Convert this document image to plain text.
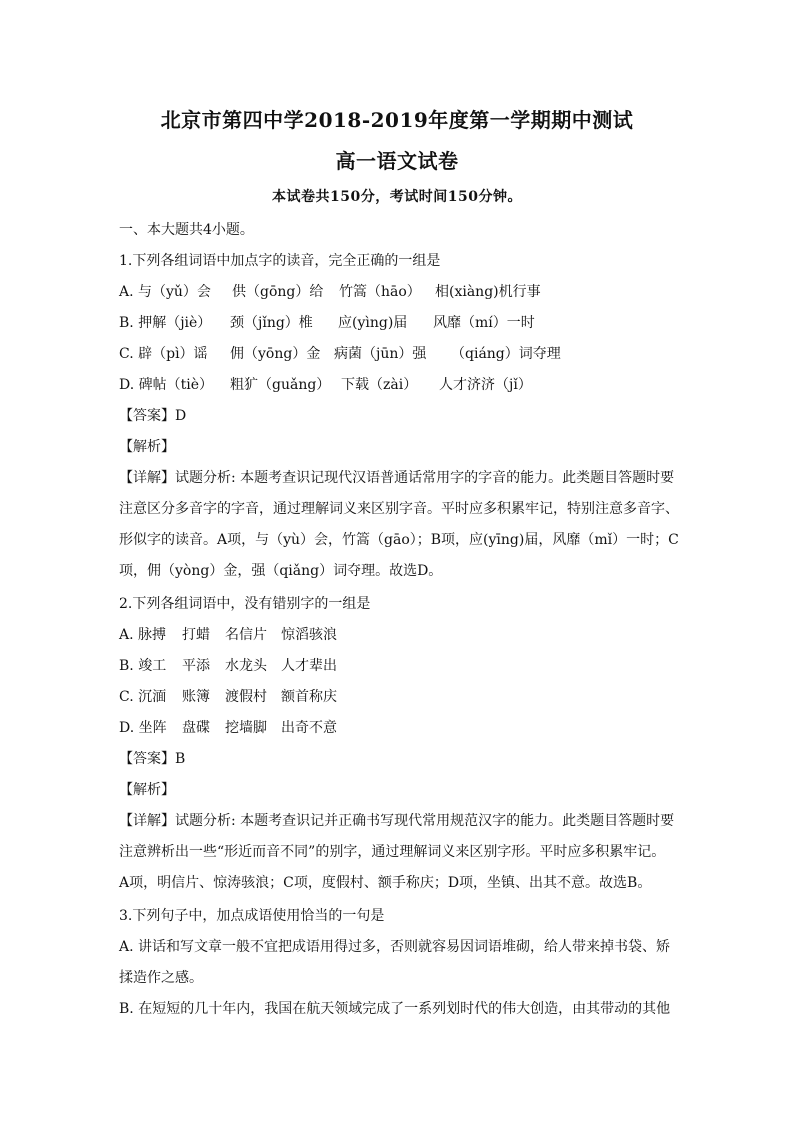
北京市第四中学2018-2019年度第一学期期中测试
高一语文试卷
本试卷共150分，考试时间150分钟。
一、本大题共4小题。
1.下列各组词语中加点字的读音，完全正确的一组是
A. 与（yǔ）会 供（gōng）给 竹篙（hāo） 相(xiàng)机行事
B. 押解（jiè） 颈（jǐng）椎 应(yìng)届 风靡（mí）一时
C. 辟（pì）谣 佣（yōng）金 病菌（jūn）强 （qiáng）词夺理
D. 碑帖（tiè） 粗犷（guǎng） 下载（zài） 人才济济（jǐ）
【答案】D
【解析】
【详解】试题分析: 本题考查识记现代汉语普通话常用字的字音的能力。此类题目答题时要
注意区分多音字的字音，通过理解词义来区别字音。平时应多积累牢记，特别注意多音字、
形似字的读音。A项，与（yù）会，竹篙（gāo）；B项，应(yīng)届，风靡（mǐ）一时；C
项，佣（yòng）金，强（qiǎng）词夺理。故选D。
2.下列各组词语中，没有错别字的一组是
A. 脉搏 打蜡 名信片 惊滔骇浪
B. 竣工 平添 水龙头 人才辈出
C. 沉湎 账簿 渡假村 额首称庆
D. 坐阵 盘碟 挖墙脚 出奇不意
【答案】B
【解析】
【详解】试题分析: 本题考查识记并正确书写现代常用规范汉字的能力。此类题目答题时要
注意辨析出一些“形近而音不同”的别字，通过理解词义来区别字形。平时应多积累牢记。
A项，明信片、惊涛骇浪；C项，度假村、额手称庆；D项，坐镇、出其不意。故选B。
3.下列句子中，加点成语使用恰当的一句是
A. 讲话和写文章一般不宜把成语用得过多，否则就容易因词语堆砌，给人带来掉书袋、矫
揉造作之感。
B. 在短短的几十年内，我国在航天领域完成了一系列划时代的伟大创造，由其带动的其他
